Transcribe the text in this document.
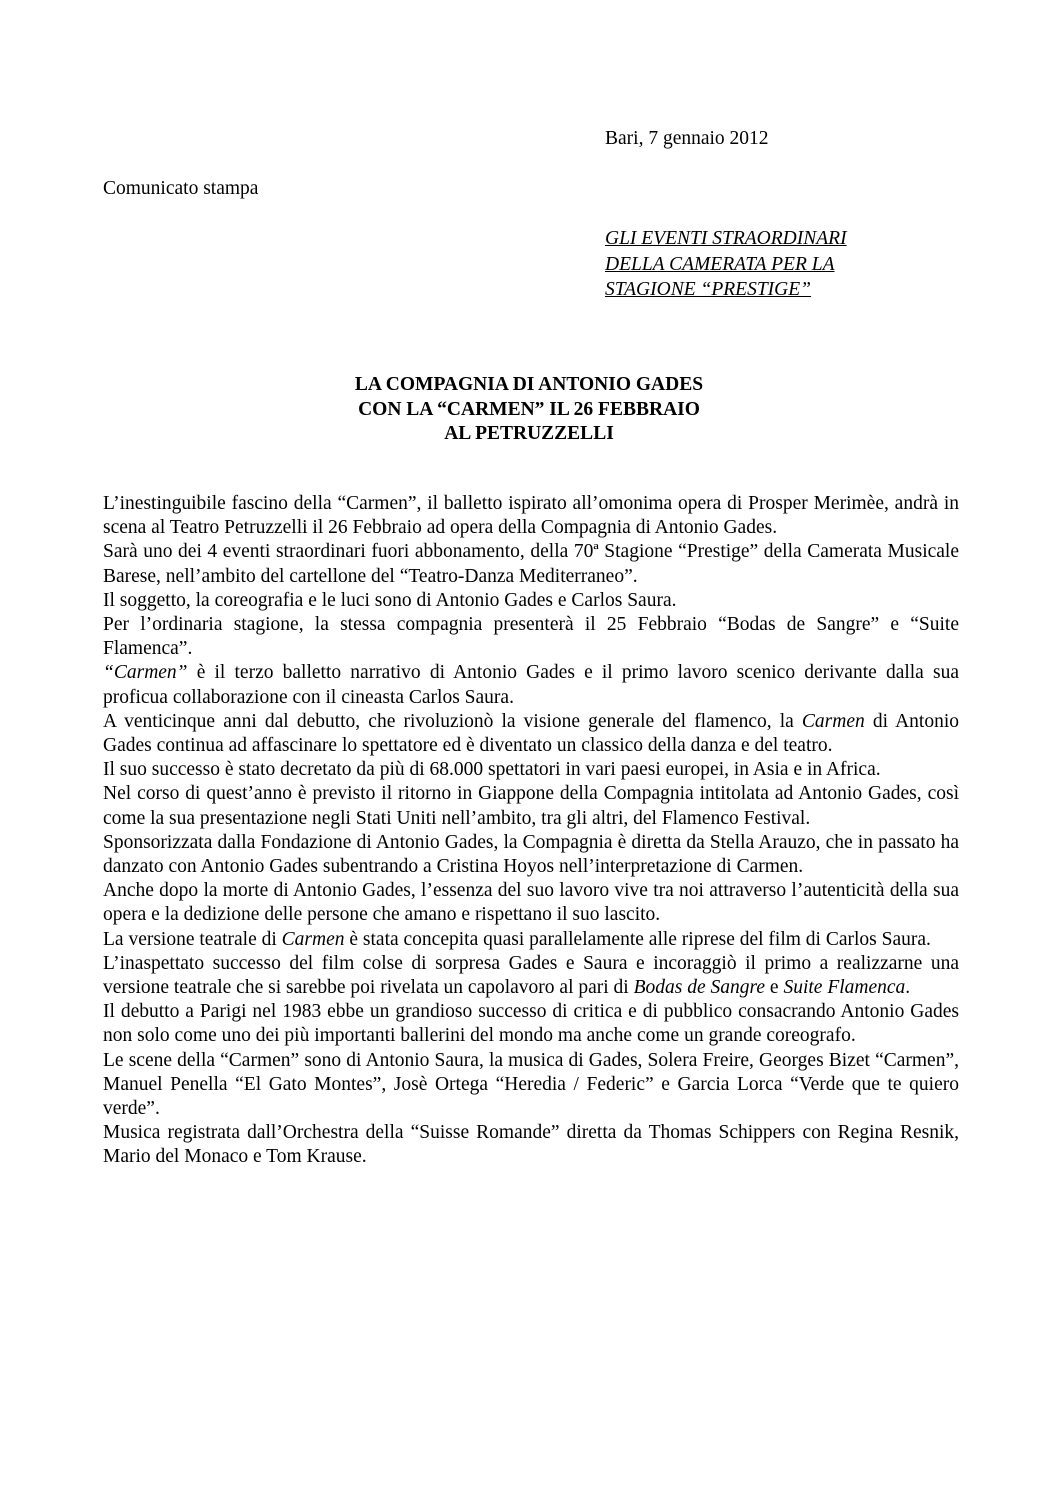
Bari, 7 gennaio 2012
Comunicato stampa
GLI EVENTI STRAORDINARI
DELLA CAMERATA PER LA
STAGIONE “PRESTIGE”
LA COMPAGNIA DI ANTONIO GADES
CON LA “CARMEN” IL 26 FEBBRAIO
AL PETRUZZELLI

L’inestinguibile fascino della “Carmen”, il balletto ispirato all’omonima opera di Prosper Merimèe, andrà in scena al Teatro Petruzzelli il 26 Febbraio ad opera della Compagnia di Antonio Gades.

Sarà uno dei 4 eventi straordinari fuori abbonamento, della 70ª Stagione “Prestige” della Camerata Musicale Barese, nell’ambito del cartellone del “Teatro-Danza Mediterraneo”.

Il soggetto, la coreografia e le luci sono di Antonio Gades e Carlos Saura.

Per l’ordinaria stagione, la stessa compagnia presenterà il 25 Febbraio “Bodas de Sangre” e “Suite Flamenca”.

“Carmen” è il terzo balletto narrativo di Antonio Gades e il primo lavoro scenico derivante dalla sua proficua collaborazione con il cineasta Carlos Saura.

A venticinque anni dal debutto, che rivoluzionò la visione generale del flamenco, la Carmen di Antonio Gades continua ad affascinare lo spettatore ed è diventato un classico della danza e del teatro.

Il suo successo è stato decretato da più di 68.000 spettatori in vari paesi europei, in Asia e in Africa.

Nel corso di quest’anno è previsto il ritorno in Giappone della Compagnia intitolata ad Antonio Gades, così come la sua presentazione negli Stati Uniti nell’ambito, tra gli altri, del Flamenco Festival.

Sponsorizzata dalla Fondazione di Antonio Gades, la Compagnia è diretta da Stella Arauzo, che in passato ha danzato con Antonio Gades subentrando a Cristina Hoyos nell’interpretazione di Carmen.

Anche dopo la morte di Antonio Gades, l’essenza del suo lavoro vive tra noi attraverso l’autenticità della sua opera e la dedizione delle persone che amano e rispettano il suo lascito.

La versione teatrale di Carmen è stata concepita quasi parallelamente alle riprese del film di Carlos Saura.

L’inaspettato successo del film colse di sorpresa Gades e Saura e incoraggiò il primo a realizzarne una versione teatrale che si sarebbe poi rivelata un capolavoro al pari di Bodas de Sangre e Suite Flamenca.

Il debutto a Parigi nel 1983 ebbe un grandioso successo di critica e di pubblico consacrando Antonio Gades non solo come uno dei più importanti ballerini del mondo ma anche come un grande coreografo.

Le scene della “Carmen” sono di Antonio Saura, la musica di Gades, Solera Freire, Georges Bizet “Carmen”, Manuel Penella “El Gato Montes”, Josè Ortega “Heredia / Federic” e Garcia Lorca “Verde que te quiero verde”.

Musica registrata dall’Orchestra della “Suisse Romande” diretta da Thomas Schippers con Regina Resnik, Mario del Monaco e Tom Krause.
